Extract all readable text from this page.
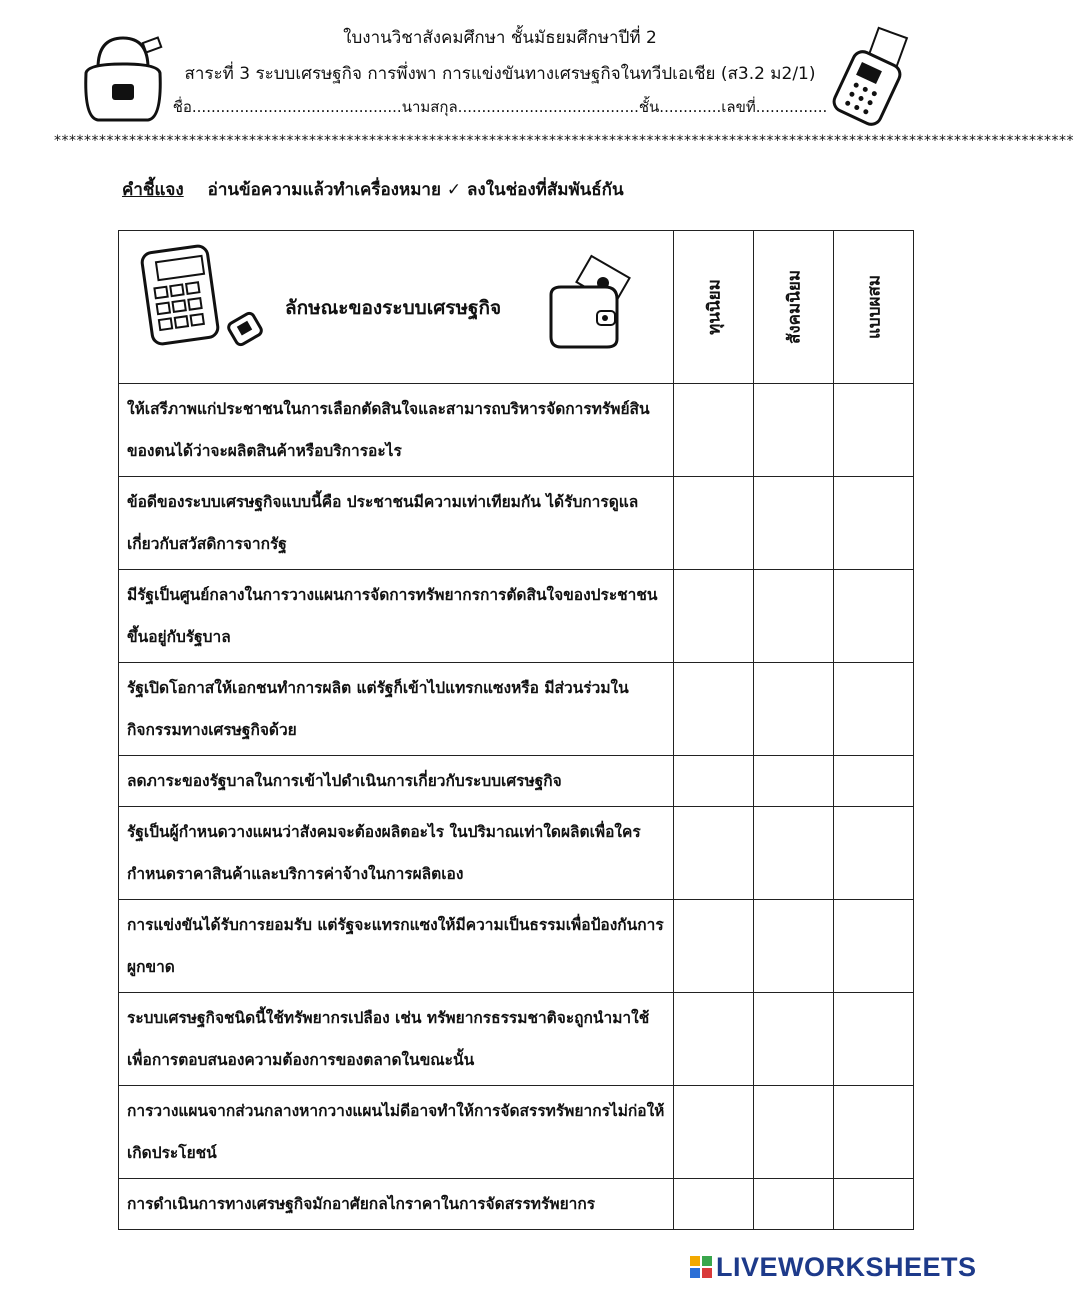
ใบงานวิชาสังคมศึกษา ชั้นมัธยมศึกษาปีที่ 2
สาระที่ 3 ระบบเศรษฐกิจ การพึ่งพา การแข่งขันทางเศรษฐกิจในทวีปเอเชีย (ส3.2 ม2/1)
ชื่อ............................................นามสกุล......................................ชั้น.............เลขที่...............
****************************************************************************************************************************************
คำชี้แจง อ่านข้อความแล้วทำเครื่องหมาย ✓ ลงในช่องที่สัมพันธ์กัน
ลักษณะของระบบเศรษฐกิจ	ทุนนิยม	สังคมนิยม	แบบผสม

ให้เสรีภาพแก่ประชาชนในการเลือกตัดสินใจและสามารถบริหารจัดการทรัพย์สินของตนได้ว่าจะผลิตสินค้าหรือบริการอะไร			
ข้อดีของระบบเศรษฐกิจแบบนี้คือ ประชาชนมีความเท่าเทียมกัน ได้รับการดูแลเกี่ยวกับสวัสดิการจากรัฐ			
มีรัฐเป็นศูนย์กลางในการวางแผนการจัดการทรัพยากรการตัดสินใจของประชาชนขึ้นอยู่กับรัฐบาล			
รัฐเปิดโอกาสให้เอกชนทำการผลิต แต่รัฐก็เข้าไปแทรกแซงหรือ มีส่วนร่วมในกิจกรรมทางเศรษฐกิจด้วย			
ลดภาระของรัฐบาลในการเข้าไปดำเนินการเกี่ยวกับระบบเศรษฐกิจ			
รัฐเป็นผู้กำหนดวางแผนว่าสังคมจะต้องผลิตอะไร ในปริมาณเท่าใดผลิตเพื่อใคร กำหนดราคาสินค้าและบริการค่าจ้างในการผลิตเอง			
การแข่งขันได้รับการยอมรับ แต่รัฐจะแทรกแซงให้มีความเป็นธรรมเพื่อป้องกันการผูกขาด			
ระบบเศรษฐกิจชนิดนี้ใช้ทรัพยากรเปลือง เช่น ทรัพยากรธรรมชาติจะถูกนำมาใช้เพื่อการตอบสนองความต้องการของตลาดในขณะนั้น			
การวางแผนจากส่วนกลางหากวางแผนไม่ดีอาจทำให้การจัดสรรทรัพยากรไม่ก่อให้เกิดประโยชน์			
การดำเนินการทางเศรษฐกิจมักอาศัยกลไกราคาในการจัดสรรทรัพยากร			
LIVEWORKSHEETS
